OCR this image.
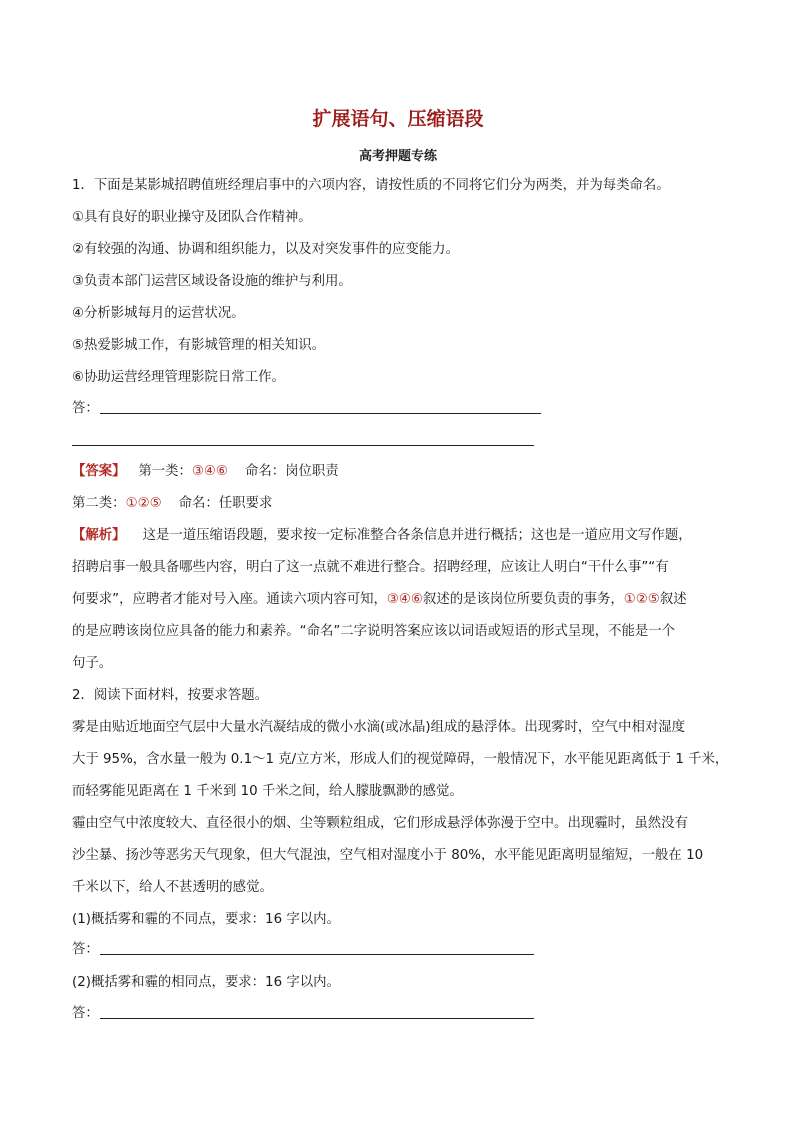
扩展语句、压缩语段
高考押题专练
1．下面是某影城招聘值班经理启事中的六项内容，请按性质的不同将它们分为两类，并为每类命名。
①具有良好的职业操守及团队合作精神。
②有较强的沟通、协调和组织能力，以及对突发事件的应变能力。
③负责本部门运营区域设备设施的维护与利用。
④分析影城每月的运营状况。
⑤热爱影城工作，有影城管理的相关知识。
⑥协助运营经理管理影院日常工作。
答：
【答案】 第一类：③④⑥ 命名：岗位职责
第二类：①②⑤ 命名：任职要求
【解析】 这是一道压缩语段题，要求按一定标准整合各条信息并进行概括；这也是一道应用文写作题，
招聘启事一般具备哪些内容，明白了这一点就不难进行整合。招聘经理，应该让人明白“干什么事”“有
何要求”，应聘者才能对号入座。通读六项内容可知，③④⑥叙述的是该岗位所要负责的事务，①②⑤叙述
的是应聘该岗位应具备的能力和素养。“命名”二字说明答案应该以词语或短语的形式呈现，不能是一个
句子。
2．阅读下面材料，按要求答题。
雾是由贴近地面空气层中大量水汽凝结成的微小水滴(或冰晶)组成的悬浮体。出现雾时，空气中相对湿度
大于 95%，含水量一般为 0.1～1 克/立方米，形成人们的视觉障碍，一般情况下，水平能见距离低于 1 千米，
而轻雾能见距离在 1 千米到 10 千米之间，给人朦胧飘渺的感觉。
霾由空气中浓度较大、直径很小的烟、尘等颗粒组成，它们形成悬浮体弥漫于空中。出现霾时，虽然没有
沙尘暴、扬沙等恶劣天气现象，但大气混浊，空气相对湿度小于 80%，水平能见距离明显缩短，一般在 10
千米以下，给人不甚透明的感觉。
(1)概括雾和霾的不同点，要求：16 字以内。
答：
(2)概括雾和霾的相同点，要求：16 字以内。
答：
